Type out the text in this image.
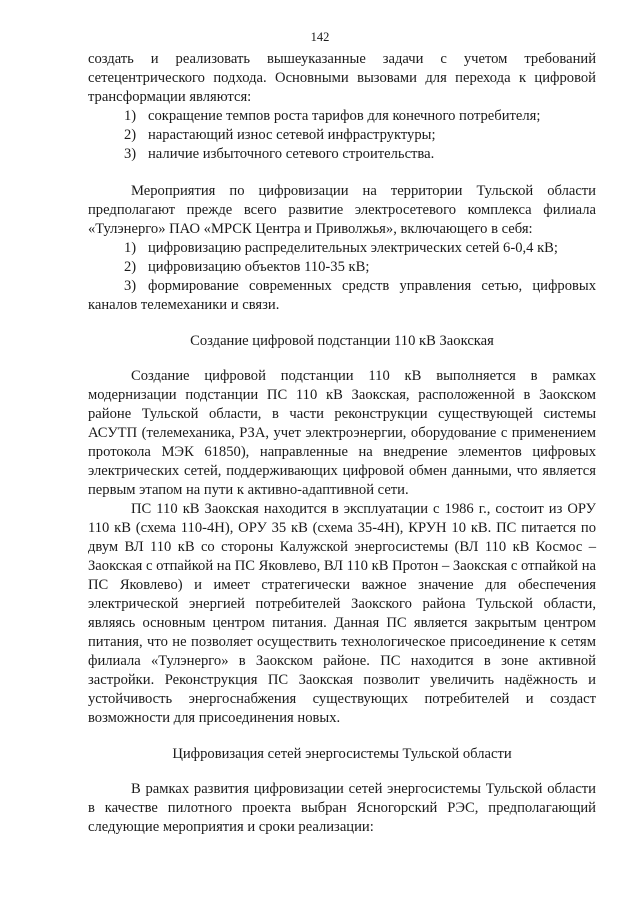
142

создать и реализовать вышеуказанные задачи с учетом требований сетецентрического подхода. Основными вызовами для перехода к цифровой трансформации являются:

1) сокращение темпов роста тарифов для конечного потребителя;
2) нарастающий износ сетевой инфраструктуры;
3) наличие избыточного сетевого строительства.

Мероприятия по цифровизации на территории Тульской области предполагают прежде всего развитие электросетевого комплекса филиала «Тулэнерго» ПАО «МРСК Центра и Приволжья», включающего в себя:

1) цифровизацию распределительных электрических сетей 6-0,4 кВ;
2) цифровизацию объектов 110-35 кВ;
3) формирование современных средств управления сетью, цифровых каналов телемеханики и связи.
Создание цифровой подстанции 110 кВ Заокская

Создание цифровой подстанции 110 кВ выполняется в рамках модернизации подстанции ПС 110 кВ Заокская, расположенной в Заокском районе Тульской области, в части реконструкции существующей системы АСУТП (телемеханика, РЗА, учет электроэнергии, оборудование с применением протокола МЭК 61850), направленные на внедрение элементов цифровых электрических сетей, поддерживающих цифровой обмен данными, что является первым этапом на пути к активно-адаптивной сети.

ПС 110 кВ Заокская находится в эксплуатации с 1986 г., состоит из ОРУ 110 кВ (схема 110-4Н), ОРУ 35 кВ (схема 35-4Н), КРУН 10 кВ. ПС питается по двум ВЛ 110 кВ со стороны Калужской энергосистемы (ВЛ 110 кВ Космос – Заокская с отпайкой на ПС Яковлево, ВЛ 110 кВ Протон – Заокская с отпайкой на ПС Яковлево) и имеет стратегически важное значение для обеспечения электрической энергией потребителей Заокского района Тульской области, являясь основным центром питания. Данная ПС является закрытым центром питания, что не позволяет осуществить технологическое присоединение к сетям филиала «Тулэнерго» в Заокском районе. ПС находится в зоне активной застройки. Реконструкция ПС Заокская позволит увеличить надёжность и устойчивость энергоснабжения существующих потребителей и создаст возможности для присоединения новых.

Цифровизация сетей энергосистемы Тульской области

В рамках развития цифровизации сетей энергосистемы Тульской области в качестве пилотного проекта выбран Ясногорский РЭС, предполагающий следующие мероприятия и сроки реализации:
